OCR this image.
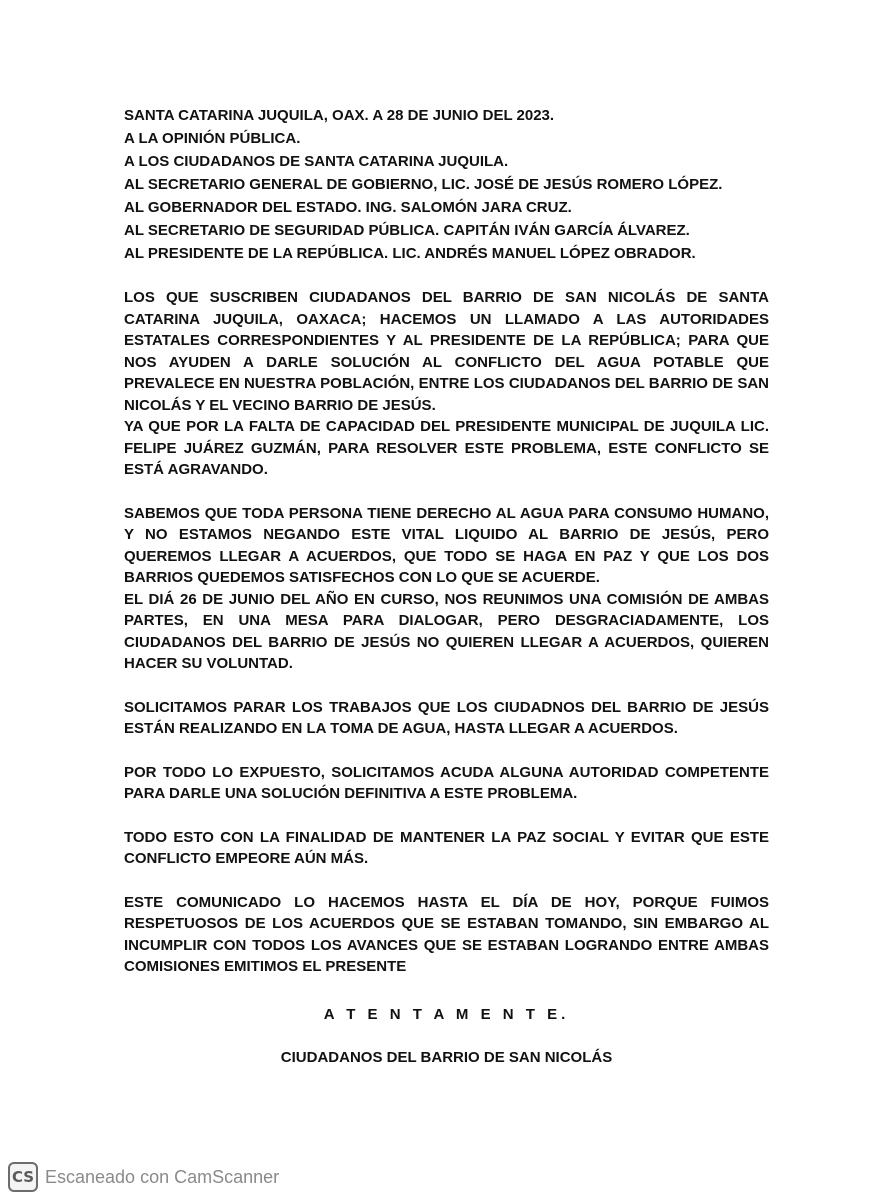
SANTA CATARINA JUQUILA, OAX. A 28 DE JUNIO DEL 2023.
A LA OPINIÓN PÚBLICA.
A LOS CIUDADANOS DE SANTA CATARINA JUQUILA.
AL SECRETARIO GENERAL DE GOBIERNO, LIC. JOSÉ DE JESÚS ROMERO LÓPEZ.
AL GOBERNADOR DEL ESTADO. ING. SALOMÓN JARA CRUZ.
AL SECRETARIO DE SEGURIDAD PÚBLICA. CAPITÁN IVÁN GARCÍA ÁLVAREZ.
AL PRESIDENTE DE LA REPÚBLICA. LIC. ANDRÉS MANUEL LÓPEZ OBRADOR.

LOS QUE SUSCRIBEN CIUDADANOS DEL BARRIO DE SAN NICOLÁS DE SANTA CATARINA JUQUILA, OAXACA; HACEMOS UN LLAMADO A LAS AUTORIDADES ESTATALES CORRESPONDIENTES Y AL PRESIDENTE DE LA REPÚBLICA; PARA QUE NOS AYUDEN A DARLE SOLUCIÓN AL CONFLICTO DEL AGUA POTABLE QUE PREVALECE EN NUESTRA POBLACIÓN, ENTRE LOS CIUDADANOS DEL BARRIO DE SAN NICOLÁS Y EL VECINO BARRIO DE JESÚS.

YA QUE POR LA FALTA DE CAPACIDAD DEL PRESIDENTE MUNICIPAL DE JUQUILA LIC. FELIPE JUÁREZ GUZMÁN, PARA RESOLVER ESTE PROBLEMA, ESTE CONFLICTO SE ESTÁ AGRAVANDO.

SABEMOS QUE TODA PERSONA TIENE DERECHO AL AGUA PARA CONSUMO HUMANO, Y NO ESTAMOS NEGANDO ESTE VITAL LIQUIDO AL BARRIO DE JESÚS, PERO QUEREMOS LLEGAR A ACUERDOS, QUE TODO SE HAGA EN PAZ Y QUE LOS DOS BARRIOS QUEDEMOS SATISFECHOS CON LO QUE SE ACUERDE.

EL DIÁ 26 DE JUNIO DEL AÑO EN CURSO, NOS REUNIMOS UNA COMISIÓN DE AMBAS PARTES, EN UNA MESA PARA DIALOGAR, PERO DESGRACIADAMENTE, LOS CIUDADANOS DEL BARRIO DE JESÚS NO QUIEREN LLEGAR A ACUERDOS, QUIEREN HACER SU VOLUNTAD.

SOLICITAMOS PARAR LOS TRABAJOS QUE LOS CIUDADNOS DEL BARRIO DE JESÚS ESTÁN REALIZANDO EN LA TOMA DE AGUA, HASTA LLEGAR A ACUERDOS.

POR TODO LO EXPUESTO, SOLICITAMOS ACUDA ALGUNA AUTORIDAD COMPETENTE PARA DARLE UNA SOLUCIÓN DEFINITIVA A ESTE PROBLEMA.

TODO ESTO CON LA FINALIDAD DE MANTENER LA PAZ SOCIAL Y EVITAR QUE ESTE CONFLICTO EMPEORE AÚN MÁS.

ESTE COMUNICADO LO HACEMOS HASTA EL DÍA DE HOY, PORQUE FUIMOS RESPETUOSOS DE LOS ACUERDOS QUE SE ESTABAN TOMANDO, SIN EMBARGO AL INCUMPLIR CON TODOS LOS AVANCES QUE SE ESTABAN LOGRANDO ENTRE AMBAS COMISIONES EMITIMOS EL PRESENTE

A T E N T A M E N T E.
CIUDADANOS DEL BARRIO DE SAN NICOLÁS
CS Escaneado con CamScanner
